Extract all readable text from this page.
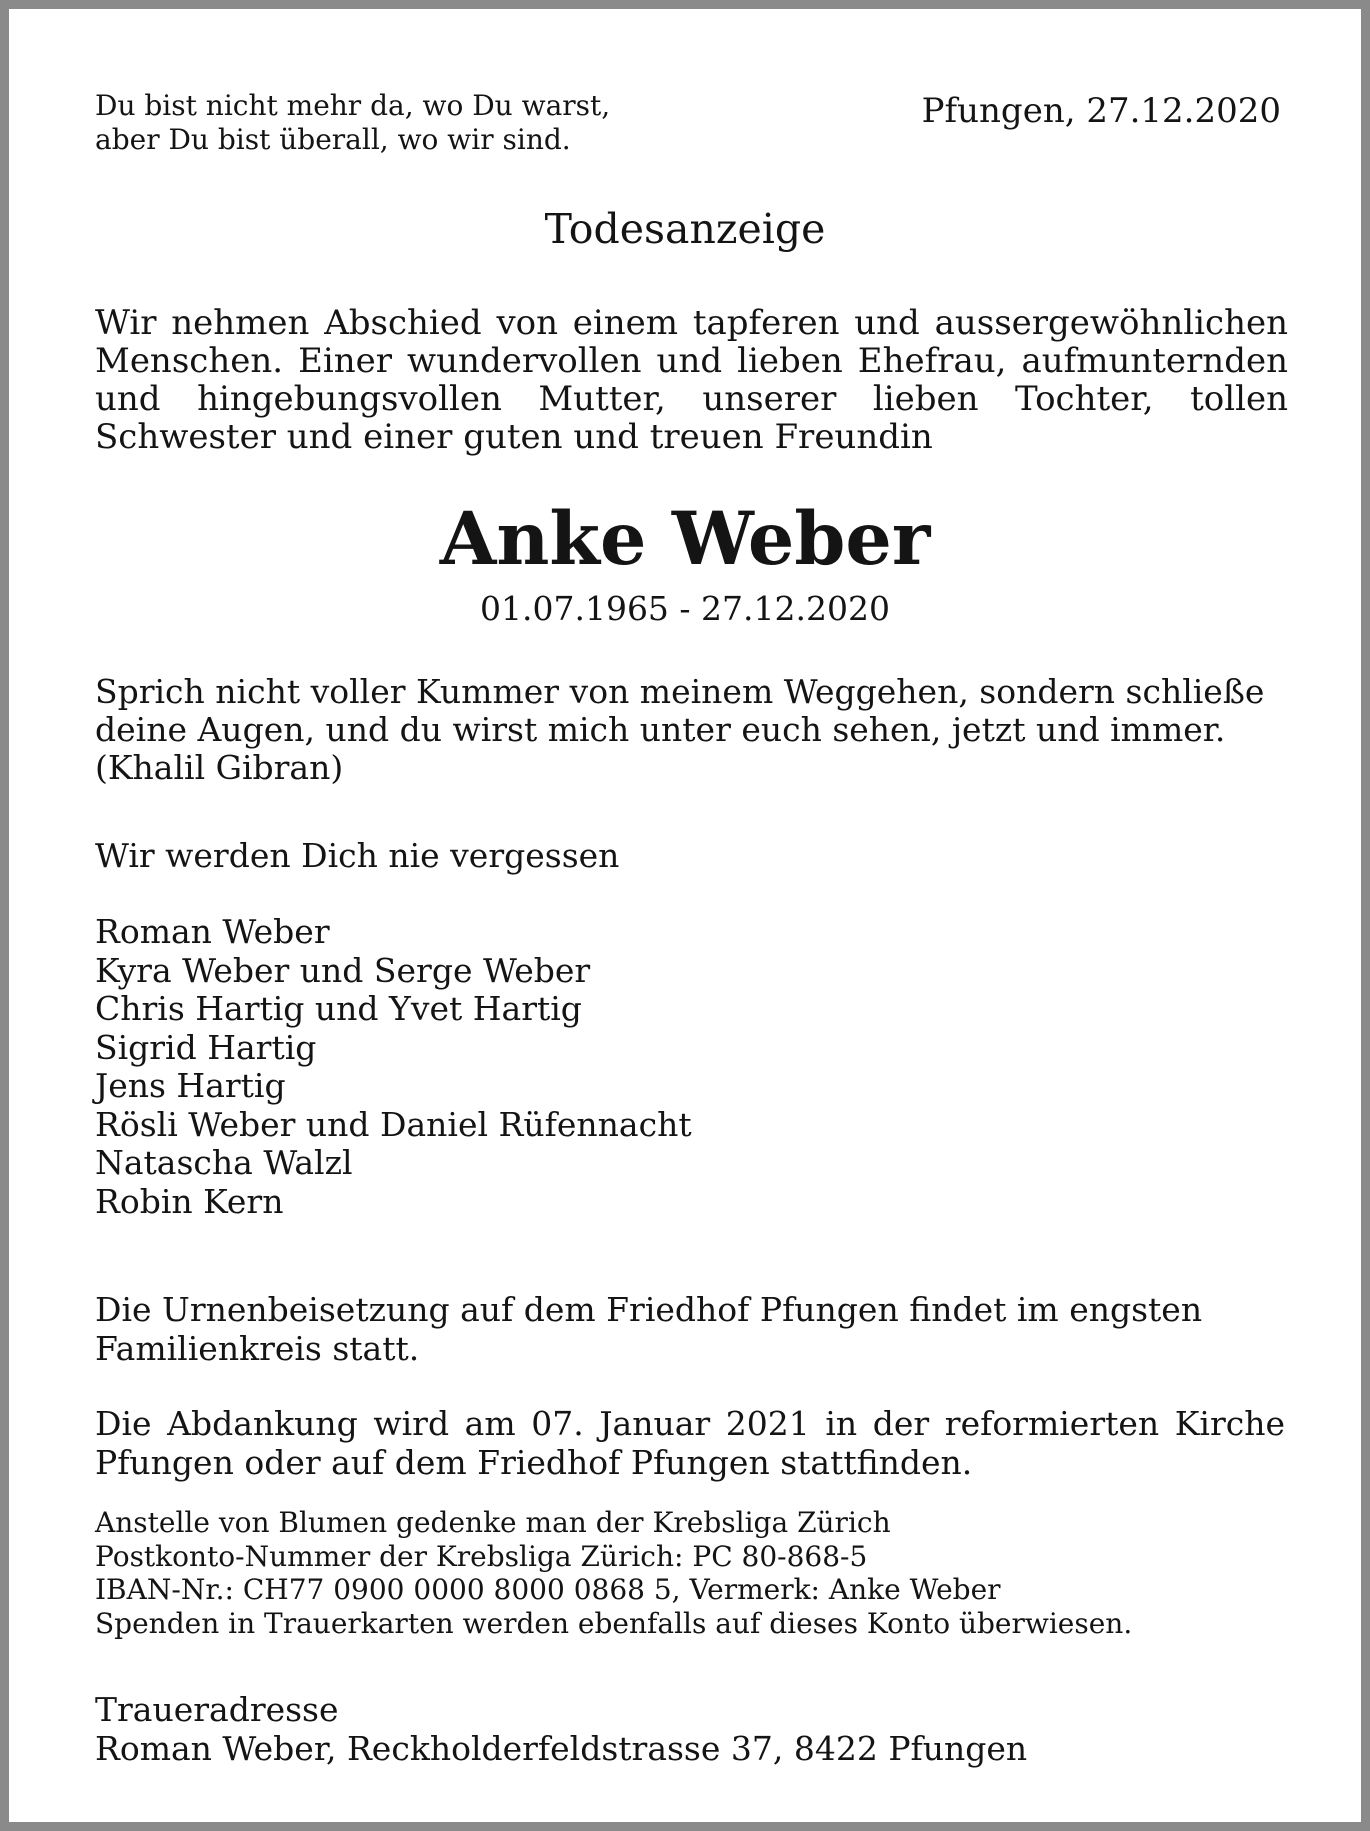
Du bist nicht mehr da, wo Du warst,
aber Du bist überall, wo wir sind.
Pfungen, 27.12.2020
Todesanzeige

Wir nehmen Abschied von einem tapferen und aussergewöhnlichen Menschen. Einer wundervollen und lieben Ehefrau, aufmunternden und hingebungsvollen Mutter, unserer lieben Tochter, tollen Schwester und einer guten und treuen Freundin

Anke Weber
01.07.1965 - 27.12.2020
Sprich nicht voller Kummer von meinem Weggehen, sondern schließe
deine Augen, und du wirst mich unter euch sehen, jetzt und immer.
(Khalil Gibran)
Wir werden Dich nie vergessen
Roman Weber
Kyra Weber und Serge Weber
Chris Hartig und Yvet Hartig
Sigrid Hartig
Jens Hartig
Rösli Weber und Daniel Rüfennacht
Natascha Walzl
Robin Kern
Die Urnenbeisetzung auf dem Friedhof Pfungen findet im engsten
Familienkreis statt.

Die Abdankung wird am 07. Januar 2021 in der reformierten Kirche Pfungen oder auf dem Friedhof Pfungen stattfinden.

Anstelle von Blumen gedenke man der Krebsliga Zürich
Postkonto-Nummer der Krebsliga Zürich: PC 80-868-5
IBAN-Nr.: CH77 0900 0000 8000 0868 5, Vermerk: Anke Weber
Spenden in Trauerkarten werden ebenfalls auf dieses Konto überwiesen.
Traueradresse
Roman Weber, Reckholderfeldstrasse 37, 8422 Pfungen
